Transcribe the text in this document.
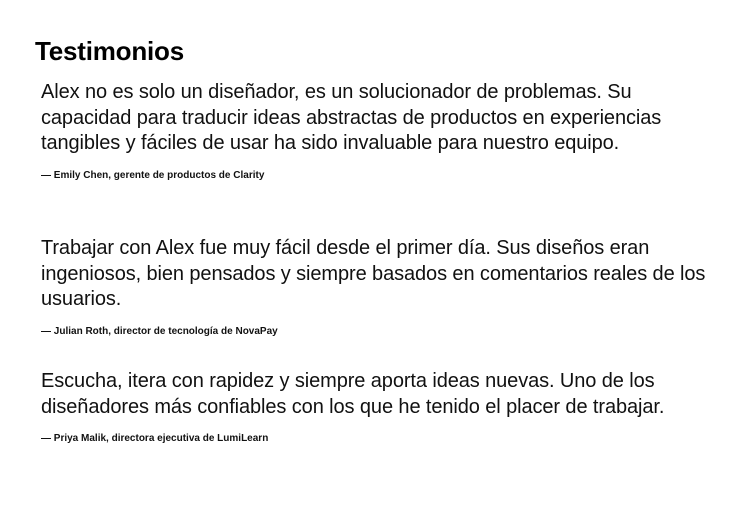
Testimonios

Alex no es solo un diseñador, es un solucionador de problemas. Su capacidad para traducir ideas abstractas de productos en experiencias tangibles y fáciles de usar ha sido invaluable para nuestro equipo.

— Emily Chen, gerente de productos de Clarity

Trabajar con Alex fue muy fácil desde el primer día. Sus diseños eran ingeniosos, bien pensados y siempre basados en comentarios reales de los usuarios.

— Julian Roth, director de tecnología de NovaPay

Escucha, itera con rapidez y siempre aporta ideas nuevas. Uno de los diseñadores más confiables con los que he tenido el placer de trabajar.

— Priya Malik, directora ejecutiva de LumiLearn
